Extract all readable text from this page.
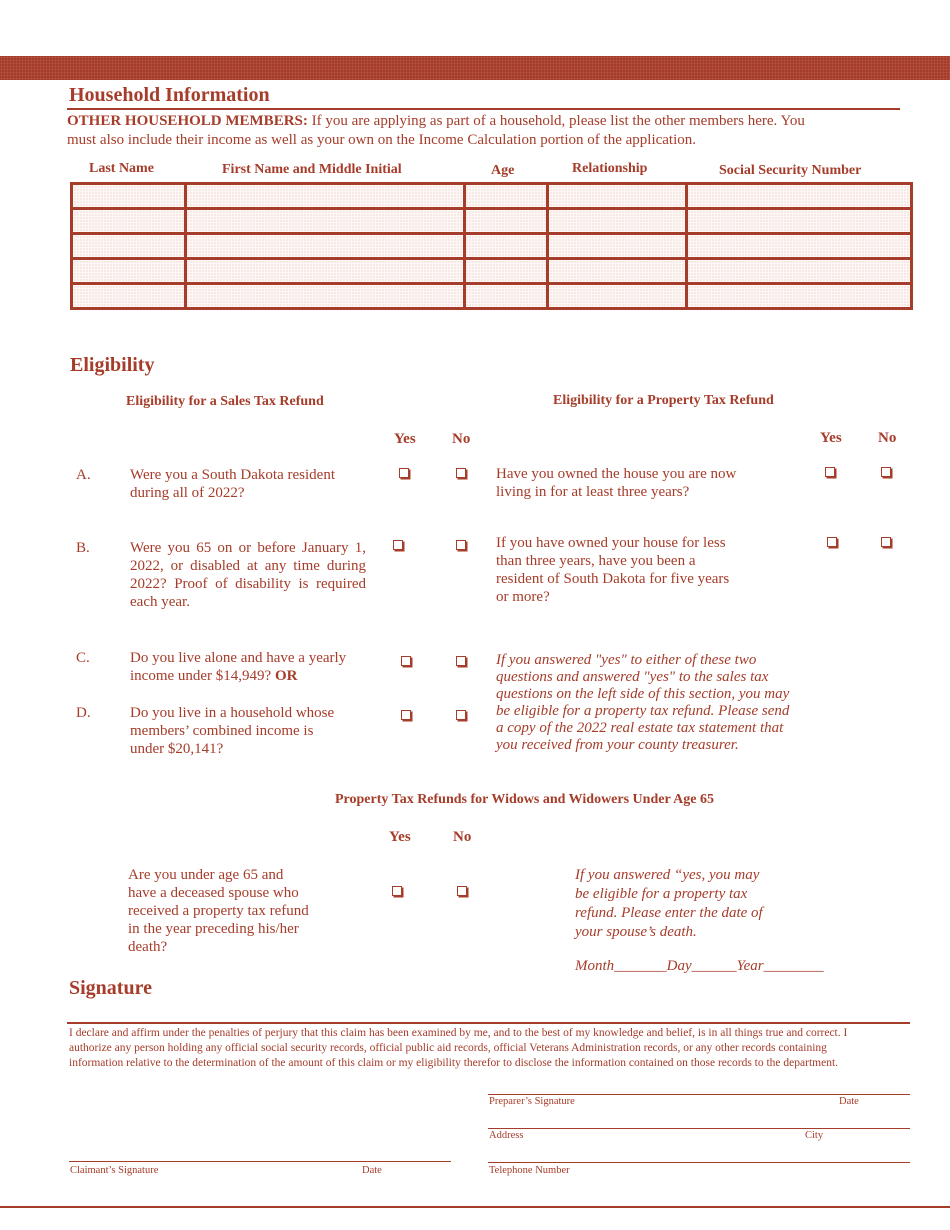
Household Information
OTHER HOUSEHOLD MEMBERS: If you are applying as part of a household, please list the other members here. You must also include their income as well as your own on the Income Calculation portion of the application.
Last Name	First Name and Middle Initial	Age	Relationship	Social Security Number

Eligibility
Eligibility for a Sales Tax Refund	Eligibility for a Property Tax Refund
Yes No	Yes No
A.	Were you a South Dakota resident during all of 2022?
Have you owned the house you are now living in for at least three years?
B.	Were you 65 on or before January 1, 2022, or disabled at any time during 2022? Proof of disability is required each year.
If you have owned your house for less than three years, have you been a resident of South Dakota for five years or more?
C.	Do you live alone and have a yearly income under $14,949? OR
D.	Do you live in a household whose members’ combined income is under $20,141?
If you answered "yes" to either of these two questions and answered "yes" to the sales tax questions on the left side of this section, you may be eligible for a property tax refund. Please send a copy of the 2022 real estate tax statement that you received from your county treasurer.
Property Tax Refunds for Widows and Widowers Under Age 65
Yes	No
Are you under age 65 and have a deceased spouse who received a property tax refund in the year preceding his/her death?
If you answered “yes, you may be eligible for a property tax refund. Please enter the date of your spouse’s death.
Month_______Day______Year________
Signature
I declare and affirm under the penalties of perjury that this claim has been examined by me, and to the best of my knowledge and belief, is in all things true and correct. I authorize any person holding any official social security records, official public aid records, official Veterans Administration records, or any other records containing information relative to the determination of the amount of this claim or my eligibility therefor to disclose the information contained on those records to the department.
Preparer’s Signature	Date
Address	City
Telephone Number
Claimant’s Signature	Date
